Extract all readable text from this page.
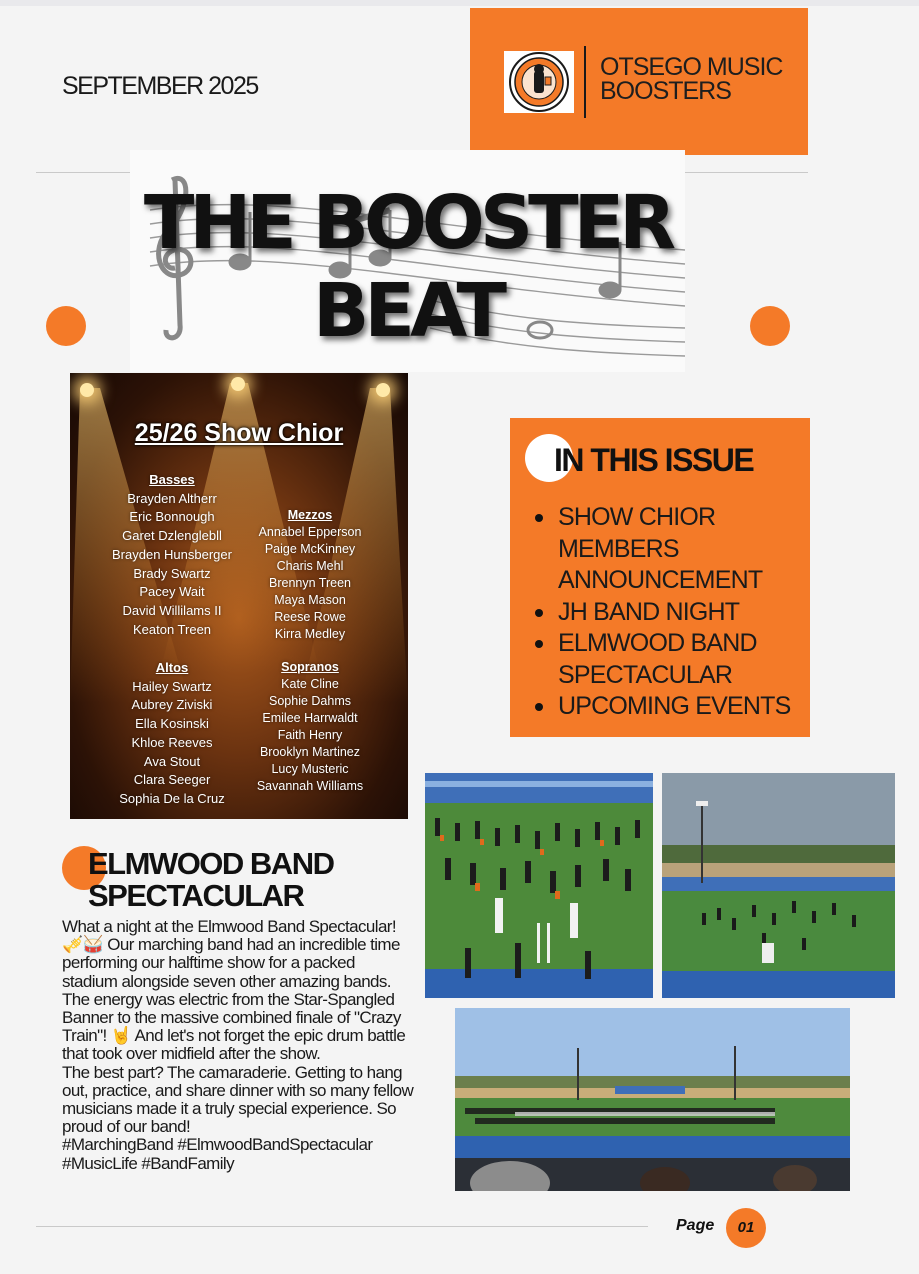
SEPTEMBER 2025
OTSEGO MUSIC BOOSTERS
THE BOOSTER
BEAT
25/26 Show Chior
Basses
Brayden Altherr
Eric Bonnough
Garet Dzlenglebll
Brayden Hunsberger
Brady Swartz
Pacey Wait
David Willilams II
Keaton Treen
Mezzos
Annabel Epperson
Paige McKinney
Charis Mehl
Brennyn Treen
Maya Mason
Reese Rowe
Kirra Medley
Altos
Hailey Swartz
Aubrey Ziviski
Ella Kosinski
Khloe Reeves
Ava Stout
Clara Seeger
Sophia De la Cruz
Sopranos
Kate Cline
Sophie Dahms
Emilee Harrwaldt
Faith Henry
Brooklyn Martinez
Lucy Musteric
Savannah Williams
IN THIS ISSUE
SHOW CHIOR MEMBERS ANNOUNCEMENT
JH BAND NIGHT
ELMWOOD BAND SPECTACULAR
UPCOMING EVENTS
ELMWOOD BAND
SPECTACULAR

What a night at the Elmwood Band Spectacular!🎺🥁 Our marching band had an incredible time performing our halftime show for a packed stadium alongside seven other amazing bands.

The energy was electric from the Star-Spangled Banner to the massive combined finale of "Crazy Train"! 🤘 And let's not forget the epic drum battle that took over midfield after the show.

The best part? The camaraderie. Getting to hang out, practice, and share dinner with so many fellow musicians made it a truly special experience. So proud of our band!

#MarchingBand #ElmwoodBandSpectacular #MusicLife #BandFamily

Page	01
